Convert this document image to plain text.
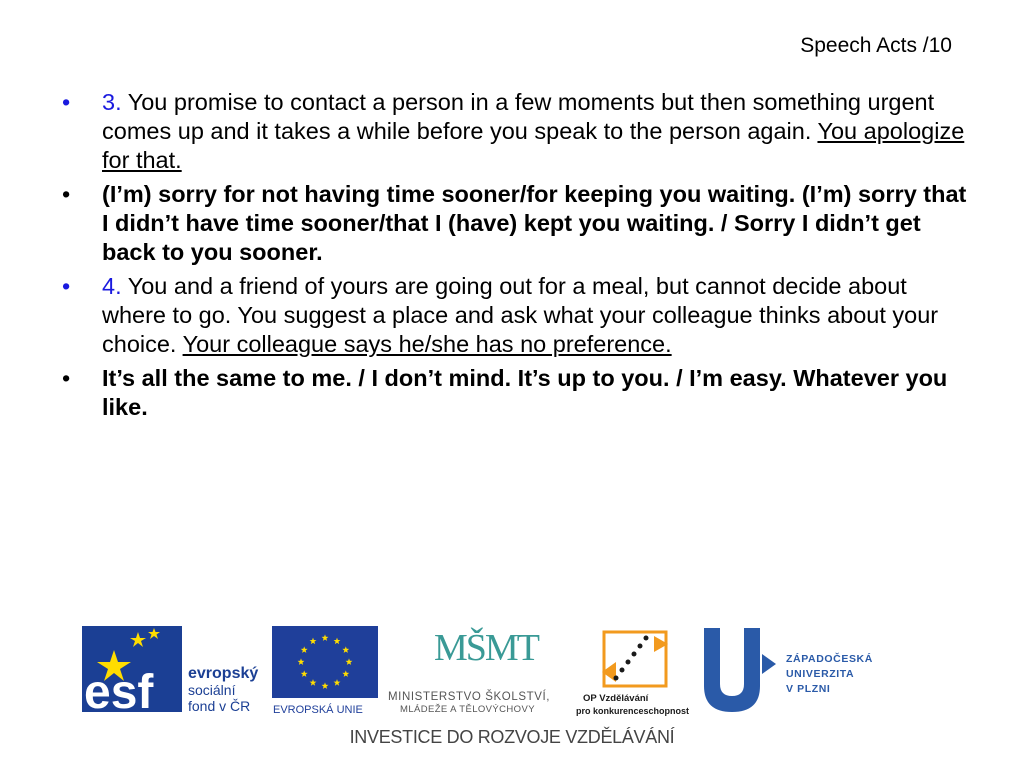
Speech Acts /10
•	3. You promise to contact a person in a few moments but then something urgent comes up and it takes a while before you speak to the person again. You apologize for that.
•	(I’m) sorry for not having time sooner/for keeping you waiting. (I’m) sorry that I didn’t have time sooner/that I (have) kept you waiting. / Sorry I didn’t get back to you sooner.
•	4. You and a friend of yours are going out for a meal, but cannot decide about where to go. You suggest a place and ask what your colleague thinks about your choice. Your colleague says he/she has no preference.
•	It’s all the same to me. / I don’t mind. It’s up to you. / I’m easy. Whatever you like.
esf evropský
sociální
fond v ČR EVROPSKÁ UNIE
MŠMT
MINISTERSTVO ŠKOLSTVÍ,
MLÁDEŽE A TĚLOVÝCHOVY
OP Vzdělávání
pro konkurenceschopnost
ZÁPADOČESKÁ
UNIVERZITA
V PLZNI
INVESTICE DO ROZVOJE VZDĚLÁVÁNÍ
